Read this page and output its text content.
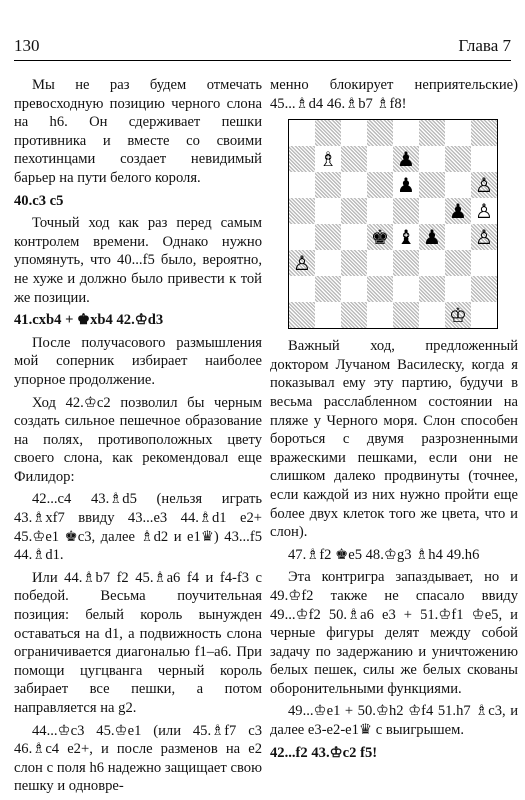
130	Глава 7

Мы не раз будем отмечать превосходную позицию черного слона на h6. Он сдерживает пешки противника и вместе со своими пехотинцами создает невидимый барьер на пути белого короля.

40.c3 c5

Точный ход как раз перед самым контролем времени. Однако нужно упомянуть, что 40...f5 было, вероятно, не хуже и должно было привести к той же позиции.

41.cxb4 + ♚xb4 42.♔d3

После получасового размышления мой соперник избирает наиболее упорное продолжение.

Ход 42.♔c2 позволил бы черным создать сильное пешечное образование на полях, противоположных цвету своего слона, как рекомендовал еще Филидор:

42...c4 43.♗d5 (нельзя играть 43.♗xf7 ввиду 43...e3 44.♗d1 e2+ 45.♔e1 ♚c3, далее ♗d2 и e1♛) 43...f5 44.♗d1.

Или 44.♗b7 f2 45.♗a6 f4 и f4-f3 с победой. Весьма поучительная позиция: белый король вынужден оставаться на d1, а подвижность слона ограничивается диагональю f1–a6. При помощи цугцванга черный король забирает все пешки, а потом направляется на g2.

44...♔c3 45.♔e1 (или 45.♗f7 c3 46.♗c4 e2+, и после разменов на e2 слон с поля h6 надежно защищает свою пешку и одновре-

менно блокирует неприятельские) 45...♗d4 46.♗b7 ♗f8!

♗	♟
♟	♙
♟ ♙
♚ ♝ ♟ ♙
♙
♔

Важный ход, предложенный доктором Лучаном Василеску, когда я показывал ему эту партию, будучи в весьма расслабленном состоянии на пляже у Черного моря. Слон способен бороться с двумя разрозненными вражескими пешками, если они не слишком далеко продвинуты (точнее, если каждой из них нужно пройти еще более двух клеток того же цвета, что и слон).

47.♗f2 ♚e5 48.♔g3 ♗h4 49.h6

Эта контригра запаздывает, но и 49.♔f2 также не спасало ввиду 49...♔f2 50.♗a6 e3 + 51.♔f1 ♔e5, и черные фигуры делят между собой задачу по задержанию и уничтожению белых пешек, силы же белых скованы оборонительными функциями.

49...♔e1 + 50.♔h2 ♔f4 51.h7 ♗c3, и далее e3-e2-e1♛ с выигрышем.

42...f2 43.♔c2 f5!
